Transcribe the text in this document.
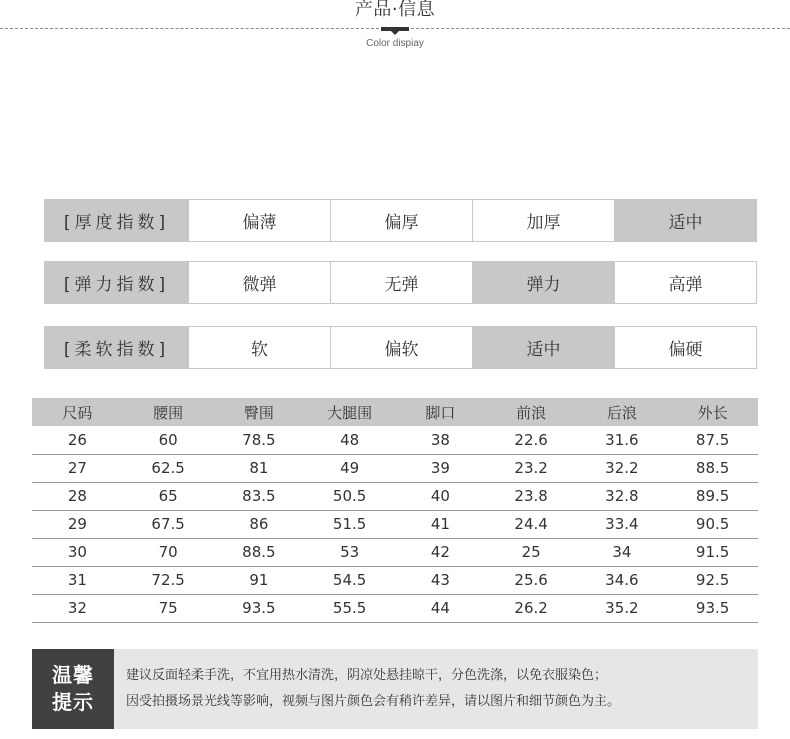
产品·信息
Color dispiay
[厚度指数]	偏薄	偏厚	加厚	适中
[弹力指数]	微弹	无弹	弹力	高弹
[柔软指数]	软	偏软	适中	偏硬
尺码	腰围	臀围	大腿围	脚口	前浪	后浪	外长
26	60	78.5	48	38	22.6	31.6	87.5
27	62.5	81	49	39	23.2	32.2	88.5
28	65	83.5	50.5	40	23.8	32.8	89.5
29	67.5	86	51.5	41	24.4	33.4	90.5
30	70	88.5	53	42	25	34	91.5
31	72.5	91	54.5	43	25.6	34.6	92.5
32	75	93.5	55.5	44	26.2	35.2	93.5
温馨
提示
建议反面轻柔手洗，不宜用热水清洗，阴凉处悬挂晾干，分色洗涤，以免衣服染色；
因受拍摄场景光线等影响，视频与图片颜色会有稍许差异，请以图片和细节颜色为主。
